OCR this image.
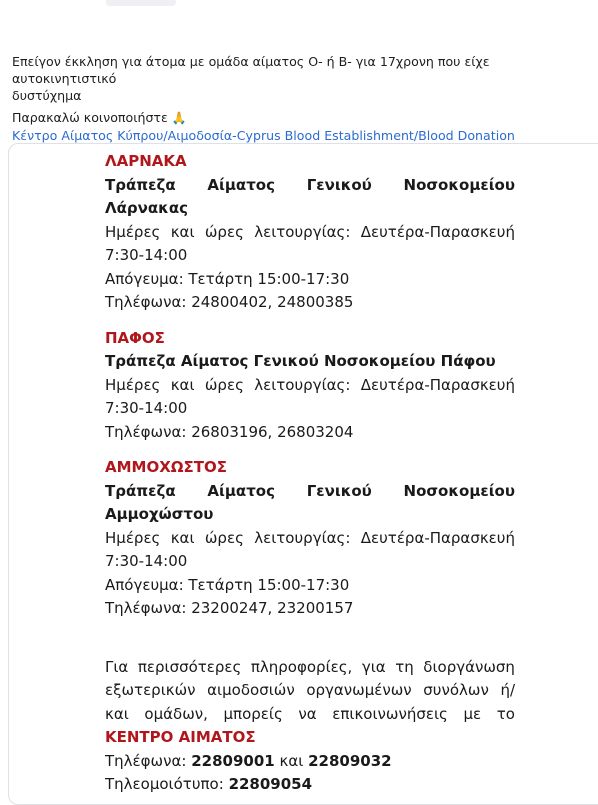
Επείγον έκκληση για άτομα με ομάδα αίματος Ο- ή Β- για 17χρονη που είχε αυτοκινητιστικό
δυστύχημα

Παρακαλώ κοινοποιήστε 🙏

Κέντρο Αίματος Κύπρου/Αιμοδοσία-Cyprus Blood Establishment/Blood Donation

ΛΑΡΝΑΚΑ
Τράπεζα Αίματος Γενικού Νοσοκομείου
Λάρνακας
Ημέρες και ώρες λειτουργίας: Δευτέρα-Παρασκευή
7:30-14:00
Απόγευμα: Τετάρτη 15:00-17:30
Τηλέφωνα: 24800402, 24800385
ΠΑΦΟΣ
Τράπεζα Αίματος Γενικού Νοσοκομείου Πάφου
Ημέρες και ώρες λειτουργίας: Δευτέρα-Παρασκευή
7:30-14:00
Τηλέφωνα: 26803196, 26803204
ΑΜΜΟΧΩΣΤΟΣ
Τράπεζα Αίματος Γενικού Νοσοκομείου
Αμμοχώστου
Ημέρες και ώρες λειτουργίας: Δευτέρα-Παρασκευή
7:30-14:00
Απόγευμα: Τετάρτη 15:00-17:30
Τηλέφωνα: 23200247, 23200157
Για περισσότερες πληροφορίες, για τη διοργάνωση
εξωτερικών αιμοδοσιών οργανωμένων συνόλων ή/
και ομάδων, μπορείς να επικοινωνήσεις με το
ΚΕΝΤΡΟ ΑΙΜΑΤΟΣ
Τηλέφωνα: 22809001 και 22809032
Τηλεομοιότυπο: 22809054
